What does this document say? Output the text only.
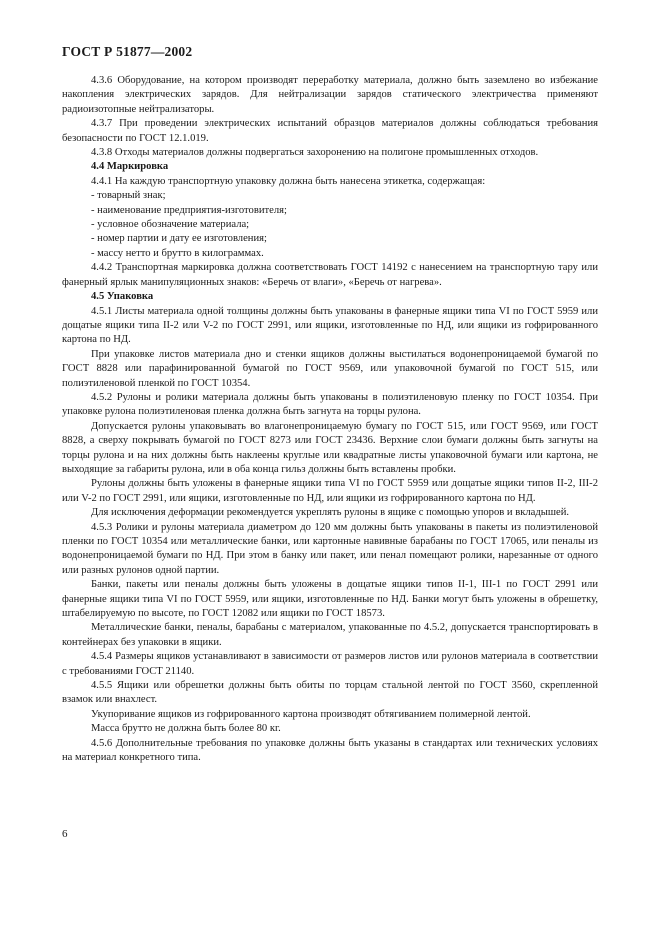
ГОСТ Р 51877—2002

4.3.6 Оборудование, на котором производят переработку материала, должно быть заземлено во избежание накопления электрических зарядов. Для нейтрализации зарядов статического электричества применяют радиоизотопные нейтрализаторы.

4.3.7 При проведении электрических испытаний образцов материалов должны соблюдаться требования безопасности по ГОСТ 12.1.019.

4.3.8 Отходы материалов должны подвергаться захоронению на полигоне промышленных отходов.

4.4 Маркировка

4.4.1 На каждую транспортную упаковку должна быть нанесена этикетка, содержащая:

- товарный знак;

- наименование предприятия-изготовителя;

- условное обозначение материала;

- номер партии и дату ее изготовления;

- массу нетто и брутто в килограммах.

4.4.2 Транспортная маркировка должна соответствовать ГОСТ 14192 с нанесением на транспортную тару или фанерный ярлык манипуляционных знаков: «Беречь от влаги», «Беречь от нагрева».

4.5 Упаковка

4.5.1 Листы материала одной толщины должны быть упакованы в фанерные ящики типа VI по ГОСТ 5959 или дощатые ящики типа II-2 или V-2 по ГОСТ 2991, или ящики, изготовленные по НД, или ящики из гофрированного картона по НД.

При упаковке листов материала дно и стенки ящиков должны выстилаться водонепроницаемой бумагой по ГОСТ 8828 или парафинированной бумагой по ГОСТ 9569, или упаковочной бумагой по ГОСТ 515, или полиэтиленовой пленкой по ГОСТ 10354.

4.5.2 Рулоны и ролики материала должны быть упакованы в полиэтиленовую пленку по ГОСТ 10354. При упаковке рулона полиэтиленовая пленка должна быть загнута на торцы рулона.

Допускается рулоны упаковывать во влагонепроницаемую бумагу по ГОСТ 515, или ГОСТ 9569, или ГОСТ 8828, а сверху покрывать бумагой по ГОСТ 8273 или ГОСТ 23436. Верхние слои бумаги должны быть загнуты на торцы рулона и на них должны быть наклеены круглые или квадратные листы упаковочной бумаги или картона, не выходящие за габариты рулона, или в оба конца гильз должны быть вставлены пробки.

Рулоны должны быть уложены в фанерные ящики типа VI по ГОСТ 5959 или дощатые ящики типов II-2, III-2 или V-2 по ГОСТ 2991, или ящики, изготовленные по НД, или ящики из гофрированного картона по НД.

Для исключения деформации рекомендуется укреплять рулоны в ящике с помощью упоров и вкладышей.

4.5.3 Ролики и рулоны материала диаметром до 120 мм должны быть упакованы в пакеты из полиэтиленовой пленки по ГОСТ 10354 или металлические банки, или картонные навивные барабаны по ГОСТ 17065, или пеналы из водонепроницаемой бумаги по НД. При этом в банку или пакет, или пенал помещают ролики, нарезанные от одного или разных рулонов одной партии.

Банки, пакеты или пеналы должны быть уложены в дощатые ящики типов II-1, III-1 по ГОСТ 2991 или фанерные ящики типа VI по ГОСТ 5959, или ящики, изготовленные по НД. Банки могут быть уложены в обрешетку, штабелируемую по высоте, по ГОСТ 12082 или ящики по ГОСТ 18573.

Металлические банки, пеналы, барабаны с материалом, упакованные по 4.5.2, допускается транспортировать в контейнерах без упаковки в ящики.

4.5.4 Размеры ящиков устанавливают в зависимости от размеров листов или рулонов материала в соответствии с требованиями ГОСТ 21140.

4.5.5 Ящики или обрешетки должны быть обиты по торцам стальной лентой по ГОСТ 3560, скрепленной взамок или внахлест.

Укупоривание ящиков из гофрированного картона производят обтягиванием полимерной лентой.

Масса брутто не должна быть более 80 кг.

4.5.6 Дополнительные требования по упаковке должны быть указаны в стандартах или технических условиях на материал конкретного типа.

6
